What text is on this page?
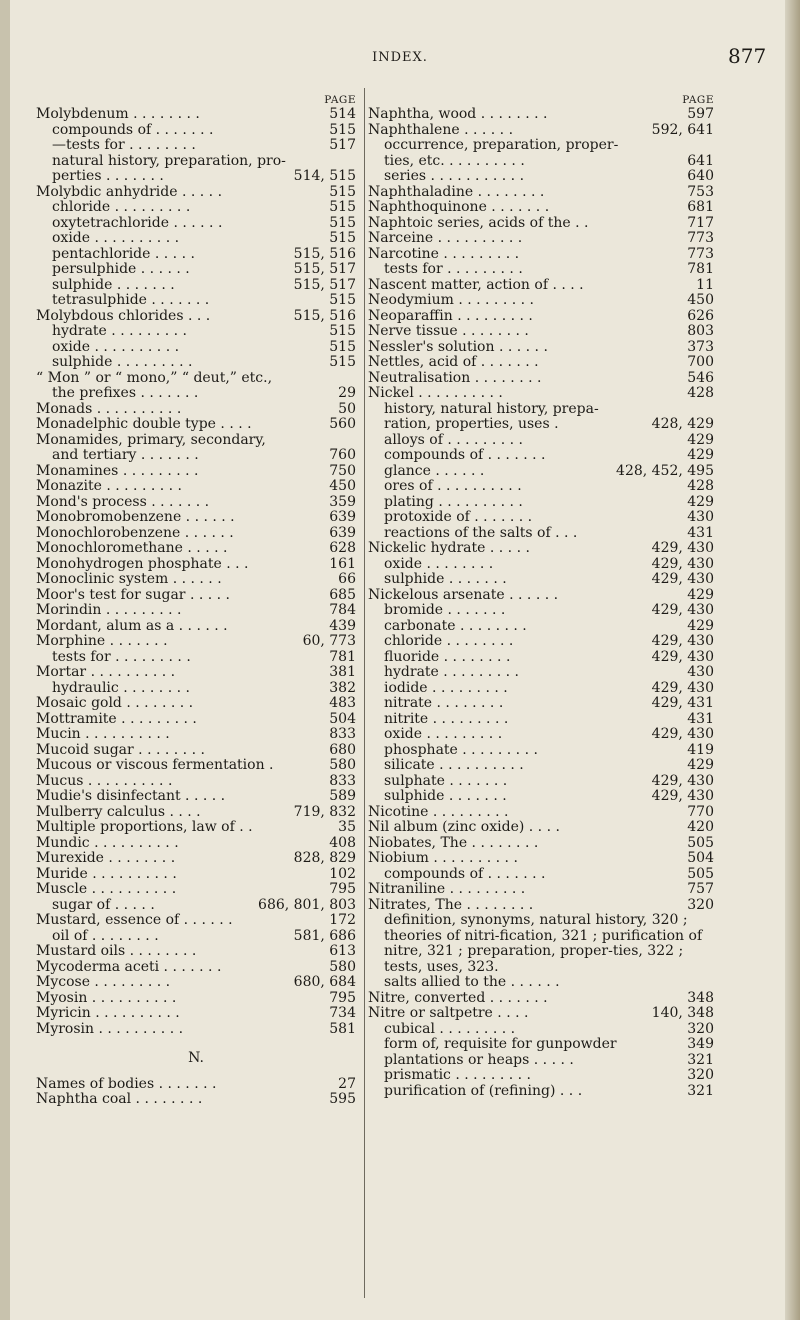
INDEX.	877
PAGE
Molybdenum . . . . . . . .	514
compounds of . . . . . . .	515
—tests for . . . . . . . .	517
natural history, preparation, pro-
perties . . . . . . .	514, 515
Molybdic anhydride . . . . .	515
chloride . . . . . . . . .	515
oxytetrachloride . . . . . .	515
oxide . . . . . . . . . .	515
pentachloride . . . . .	515, 516
persulphide . . . . . .	515, 517
sulphide . . . . . . .	515, 517
tetrasulphide . . . . . . .	515
Molybdous chlorides . . .	515, 516
hydrate . . . . . . . . .	515
oxide . . . . . . . . . .	515
sulphide . . . . . . . . .	515
“ Mon ” or “ mono,” “ deut,” etc.,
the prefixes . . . . . . .	29
Monads . . . . . . . . . .	50
Monadelphic double type . . . .	560
Monamides, primary, secondary,
and tertiary . . . . . . .	760
Monamines . . . . . . . . .	750
Monazite . . . . . . . . .	450
Mond's process . . . . . . .	359
Monobromobenzene . . . . . .	639
Monochlorobenzene . . . . . .	639
Monochloromethane . . . . .	628
Monohydrogen phosphate . . .	161
Monoclinic system . . . . . .	66
Moor's test for sugar . . . . .	685
Morindin . . . . . . . . .	784
Mordant, alum as a . . . . . .	439
Morphine . . . . . . .	60, 773
tests for . . . . . . . . .	781
Mortar . . . . . . . . . .	381
hydraulic . . . . . . . .	382
Mosaic gold . . . . . . . .	483
Mottramite . . . . . . . . .	504
Mucin . . . . . . . . . .	833
Mucoid sugar . . . . . . . .	680
Mucous or viscous fermentation .	580
Mucus . . . . . . . . . .	833
Mudie's disinfectant . . . . .	589
Mulberry calculus . . . .	719, 832
Multiple proportions, law of . .	35
Mundic . . . . . . . . . .	408
Murexide . . . . . . . .	828, 829
Muride . . . . . . . . . .	102
Muscle . . . . . . . . . .	795
sugar of . . . . .	686, 801, 803
Mustard, essence of . . . . . .	172
oil of . . . . . . . .	581, 686
Mustard oils . . . . . . . .	613
Mycoderma aceti . . . . . . .	580
Mycose . . . . . . . . .	680, 684
Myosin . . . . . . . . . .	795
Myricin . . . . . . . . . .	734
Myrosin . . . . . . . . . .	581
N.
Names of bodies . . . . . . .	27
Naphtha coal . . . . . . . .	595
PAGE
Naphtha, wood . . . . . . . .	597
Naphthalene . . . . . .	592, 641
occurrence, preparation, proper-
ties, etc. . . . . . . . . .	641
series . . . . . . . . . . .	640
Naphthaladine . . . . . . . .	753
Naphthoquinone . . . . . . .	681
Naphtoic series, acids of the . .	717
Narceine . . . . . . . . . .	773
Narcotine . . . . . . . . .	773
tests for . . . . . . . . .	781
Nascent matter, action of . . . .	11
Neodymium . . . . . . . . .	450
Neoparaffin . . . . . . . . .	626
Nerve tissue . . . . . . . .	803
Nessler's solution . . . . . .	373
Nettles, acid of . . . . . . .	700
Neutralisation . . . . . . . .	546
Nickel . . . . . . . . . .	428
history, natural history, prepa-
ration, properties, uses .	428, 429
alloys of . . . . . . . . .	429
compounds of . . . . . . .	429
glance . . . . . .	428, 452, 495
ores of . . . . . . . . . .	428
plating . . . . . . . . . .	429
protoxide of . . . . . . .	430
reactions of the salts of . . .	431
Nickelic hydrate . . . . .	429, 430
oxide . . . . . . . .	429, 430
sulphide . . . . . . .	429, 430
Nickelous arsenate . . . . . .	429
bromide . . . . . . .	429, 430
carbonate . . . . . . . .	429
chloride . . . . . . . .	429, 430
fluoride . . . . . . . .	429, 430
hydrate . . . . . . . . .	430
iodide . . . . . . . . .	429, 430
nitrate . . . . . . . .	429, 431
nitrite . . . . . . . . .	431
oxide . . . . . . . . .	429, 430
phosphate . . . . . . . . .	419
silicate . . . . . . . . . .	429
sulphate . . . . . . .	429, 430
sulphide . . . . . . .	429, 430
Nicotine . . . . . . . . .	770
Nil album (zinc oxide) . . . .	420
Niobates, The . . . . . . . .	505
Niobium . . . . . . . . . .	504
compounds of . . . . . . .	505
Nitraniline . . . . . . . . .	757
Nitrates, The . . . . . . . .	320
definition, synonyms, natural history, 320 ; theories of nitri-fication, 321 ; purification of nitre, 321 ; preparation, proper-ties, 322 ; tests, uses, 323.
salts allied to the . . . . . .
Nitre, converted . . . . . . .	348
Nitre or saltpetre . . . .	140, 348
cubical . . . . . . . . .	320
form of, requisite for gunpowder	349
plantations or heaps . . . . .	321
prismatic . . . . . . . . .	320
purification of (refining) . . .	321
